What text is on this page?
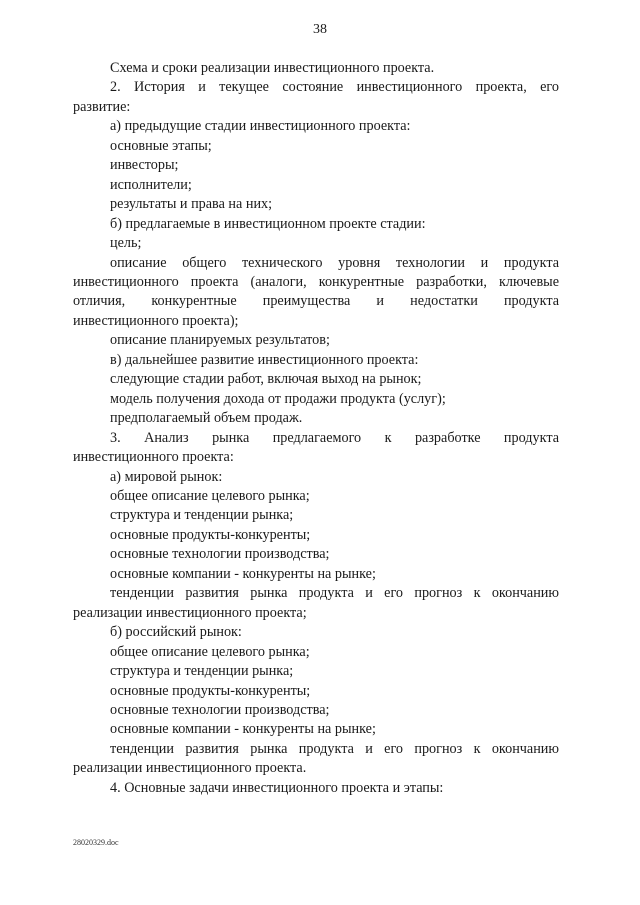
38

Схема и сроки реализации инвестиционного проекта.

2. История и текущее состояние инвестиционного проекта, его

развитие:

а) предыдущие стадии инвестиционного проекта:

основные этапы;

инвесторы;

исполнители;

результаты и права на них;

б) предлагаемые в инвестиционном проекте стадии:

цель;

описание общего технического уровня технологии и продукта

инвестиционного проекта (аналоги, конкурентные разработки, ключевые

отличия, конкурентные преимущества и недостатки продукта

инвестиционного проекта);

описание планируемых результатов;

в) дальнейшее развитие инвестиционного проекта:

следующие стадии работ, включая выход на рынок;

модель получения дохода от продажи продукта (услуг);

предполагаемый объем продаж.

3. Анализ рынка предлагаемого к разработке продукта

инвестиционного проекта:

а) мировой рынок:

общее описание целевого рынка;

структура и тенденции рынка;

основные продукты-конкуренты;

основные технологии производства;

основные компании - конкуренты на рынке;

тенденции развития рынка продукта и его прогноз к окончанию

реализации инвестиционного проекта;

б) российский рынок:

общее описание целевого рынка;

структура и тенденции рынка;

основные продукты-конкуренты;

основные технологии производства;

основные компании - конкуренты на рынке;

тенденции развития рынка продукта и его прогноз к окончанию

реализации инвестиционного проекта.

4. Основные задачи инвестиционного проекта и этапы:

28020329.doc
